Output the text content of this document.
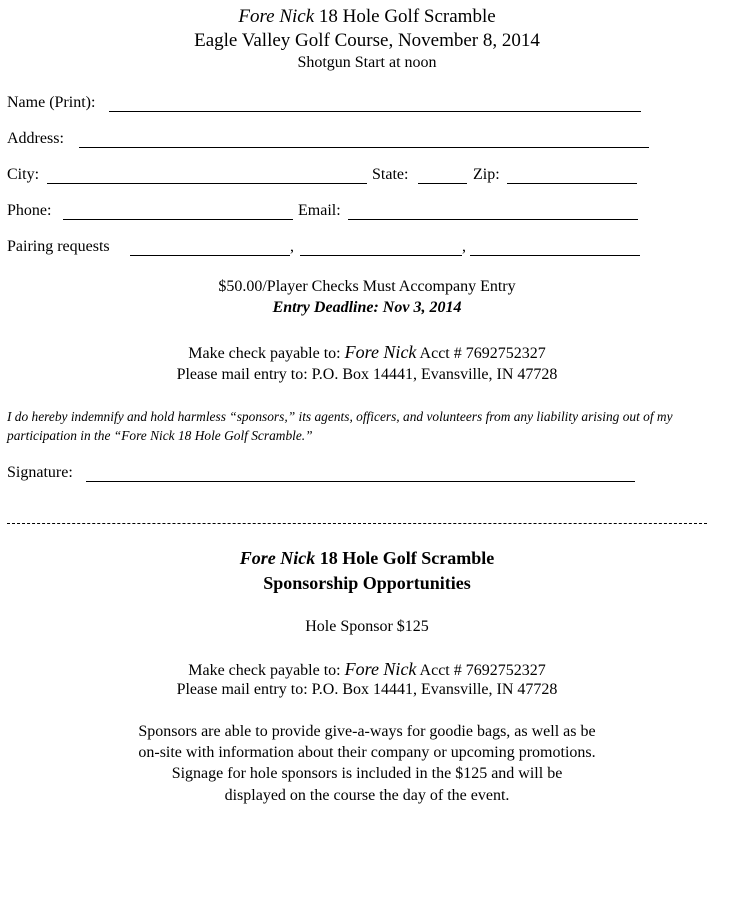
Fore Nick 18 Hole Golf Scramble
Eagle Valley Golf Course, November 8, 2014
Shotgun Start at noon
Name (Print):
Address:
City:	State:	Zip:
Phone:	Email:
Pairing requests	,	,
$50.00/Player Checks Must Accompany Entry
Entry Deadline: Nov 3, 2014
Make check payable to: Fore Nick Acct # 7692752327
Please mail entry to: P.O. Box 14441, Evansville, IN 47728
I do hereby indemnify and hold harmless “sponsors,” its agents, officers, and volunteers from any liability arising out of my participation in the “Fore Nick 18 Hole Golf Scramble.”
Signature:
Fore Nick 18 Hole Golf Scramble
Sponsorship Opportunities
Hole Sponsor $125
Make check payable to: Fore Nick Acct # 7692752327
Please mail entry to: P.O. Box 14441, Evansville, IN 47728
Sponsors are able to provide give-a-ways for goodie bags, as well as be
on-site with information about their company or upcoming promotions.
Signage for hole sponsors is included in the $125 and will be
displayed on the course the day of the event.
